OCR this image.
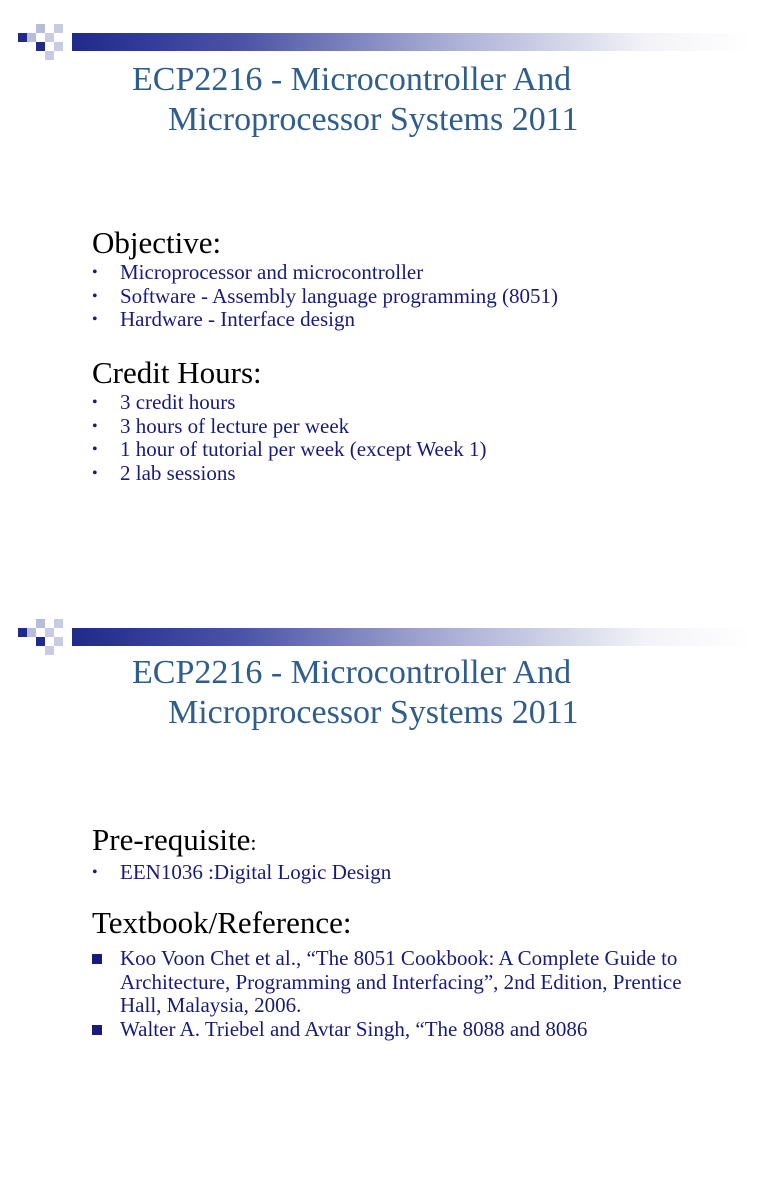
ECP2216 - Microcontroller And
Microprocessor Systems 2011
Objective:
• Microprocessor and microcontroller
• Software - Assembly language programming (8051)
• Hardware - Interface design
Credit Hours:
• 3 credit hours
• 3 hours of lecture per week
• 1 hour of tutorial per week (except Week 1)
• 2 lab sessions
ECP2216 - Microcontroller And
Microprocessor Systems 2011
Pre-requisite:
• EEN1036 :Digital Logic Design
Textbook/Reference:
Koo Voon Chet et al., “The 8051 Cookbook: A Complete Guide to Architecture, Programming and Interfacing”, 2nd Edition, Prentice Hall, Malaysia, 2006.
Walter A. Triebel and Avtar Singh, “The 8088 and 8086
